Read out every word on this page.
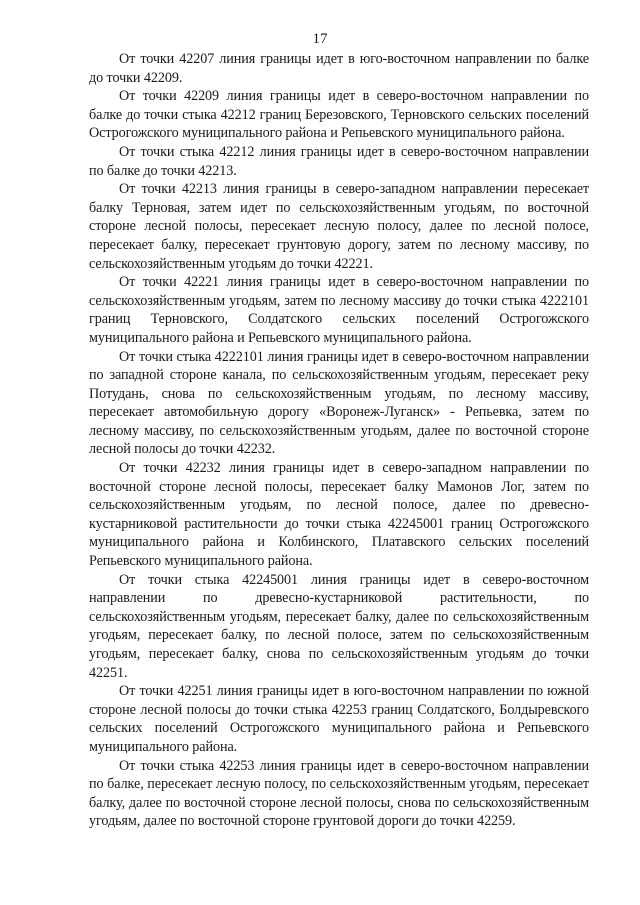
17

От точки 42207 линия границы идет в юго-восточном направлении по балке до точки 42209.

От точки 42209 линия границы идет в северо-восточном направлении по балке до точки стыка 42212 границ Березовского, Терновского сельских поселений Острогожского муниципального района и Репьевского муниципального района.

От точки стыка 42212 линия границы идет в северо-восточном направлении по балке до точки 42213.

От точки 42213 линия границы в северо-западном направлении пересекает балку Терновая, затем идет по сельскохозяйственным угодьям, по восточной стороне лесной полосы, пересекает лесную полосу, далее по лесной полосе, пересекает балку, пересекает грунтовую дорогу, затем по лесному массиву, по сельскохозяйственным угодьям до точки 42221.

От точки 42221 линия границы идет в северо-восточном направлении по сельскохозяйственным угодьям, затем по лесному массиву до точки стыка 4222101 границ Терновского, Солдатского сельских поселений Острогожского муниципального района и Репьевского муниципального района.

От точки стыка 4222101 линия границы идет в северо-восточном направлении по западной стороне канала, по сельскохозяйственным угодьям, пересекает реку Потудань, снова по сельскохозяйственным угодьям, по лесному массиву, пересекает автомобильную дорогу «Воронеж-Луганск» - Репьевка, затем по лесному массиву, по сельскохозяйственным угодьям, далее по восточной стороне лесной полосы до точки 42232.

От точки 42232 линия границы идет в северо-западном направлении по восточной стороне лесной полосы, пересекает балку Мамонов Лог, затем по сельскохозяйственным угодьям, по лесной полосе, далее по древесно-кустарниковой растительности до точки стыка 42245001 границ Острогожского муниципального района и Колбинского, Платавского сельских поселений Репьевского муниципального района.

От точки стыка 42245001 линия границы идет в северо-восточном направлении по древесно-кустарниковой растительности, по сельскохозяйственным угодьям, пересекает балку, далее по сельскохозяйственным угодьям, пересекает балку, по лесной полосе, затем по сельскохозяйственным угодьям, пересекает балку, снова по сельскохозяйственным угодьям до точки 42251.

От точки 42251 линия границы идет в юго-восточном направлении по южной стороне лесной полосы до точки стыка 42253 границ Солдатского, Болдыревского сельских поселений Острогожского муниципального района и Репьевского муниципального района.

От точки стыка 42253 линия границы идет в северо-восточном направлении по балке, пересекает лесную полосу, по сельскохозяйственным угодьям, пересекает балку, далее по восточной стороне лесной полосы, снова по сельскохозяйственным угодьям, далее по восточной стороне грунтовой дороги до точки 42259.
